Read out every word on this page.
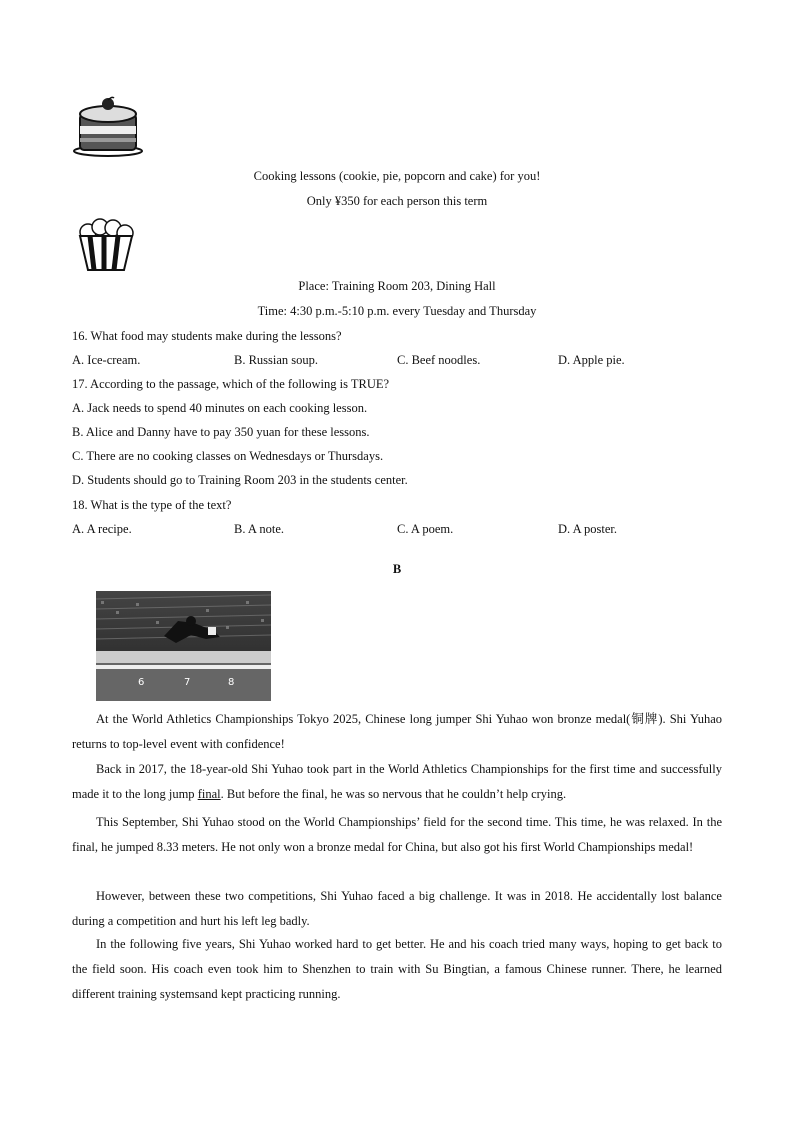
Cooking lessons (cookie, pie, popcorn and cake) for you!
Only ¥350 for each person this term
Place: Training Room 203, Dining Hall
Time: 4:30 p.m.-5:10 p.m. every Tuesday and Thursday
16. What food may students make during the lessons?
A. Ice-cream.	B. Russian soup.	C. Beef noodles.	D. Apple pie.
17. According to the passage, which of the following is TRUE?
A. Jack needs to spend 40 minutes on each cooking lesson.
B. Alice and Danny have to pay 350 yuan for these lessons.
C. There are no cooking classes on Wednesdays or Thursdays.
D. Students should go to Training Room 203 in the students center.
18. What is the type of the text?
A. A recipe.	B. A note.	C. A poem.	D. A poster.
B
6	7	8
At the World Athletics Championships Tokyo 2025, Chinese long jumper Shi Yuhao won bronze medal(铜牌). Shi Yuhao returns to top-level event with confidence!
Back in 2017, the 18-year-old Shi Yuhao took part in the World Athletics Championships for the first time and successfully made it to the long jump final. But before the final, he was so nervous that he couldn’t help crying.
This September, Shi Yuhao stood on the World Championships’ field for the second time. This time, he was relaxed. In the final, he jumped 8.33 meters. He not only won a bronze medal for China, but also got his first World Championships medal!
However, between these two competitions, Shi Yuhao faced a big challenge. It was in 2018. He accidentally lost balance during a competition and hurt his left leg badly.
In the following five years, Shi Yuhao worked hard to get better. He and his coach tried many ways, hoping to get back to the field soon. His coach even took him to Shenzhen to train with Su Bingtian, a famous Chinese runner. There, he learned different training systemsand kept practicing running.
